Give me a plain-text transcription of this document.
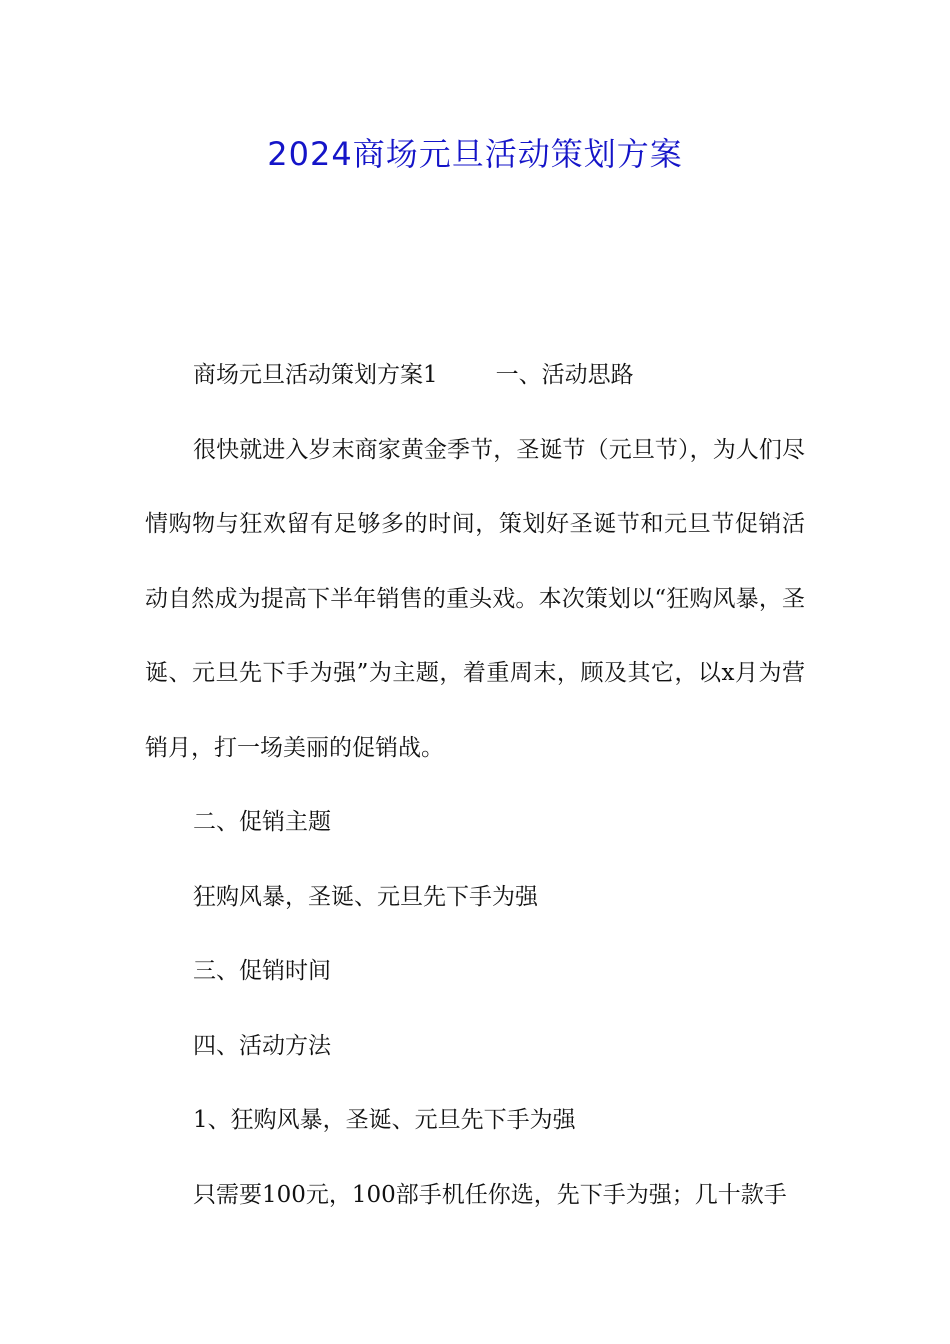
2024商场元旦活动策划方案

商场元旦活动策划方案1	一、活动思路

很快就进入岁末商家黄金季节，圣诞节（元旦节），为人们尽情购物与狂欢留有足够多的时间，策划好圣诞节和元旦节促销活动自然成为提高下半年销售的重头戏。本次策划以“狂购风暴，圣诞、元旦先下手为强”为主题，着重周末，顾及其它，以x月为营销月，打一场美丽的促销战。

二、促销主题

狂购风暴，圣诞、元旦先下手为强

三、促销时间

四、活动方法

1、狂购风暴，圣诞、元旦先下手为强

只需要100元，100部手机任你选，先下手为强；几十款手
